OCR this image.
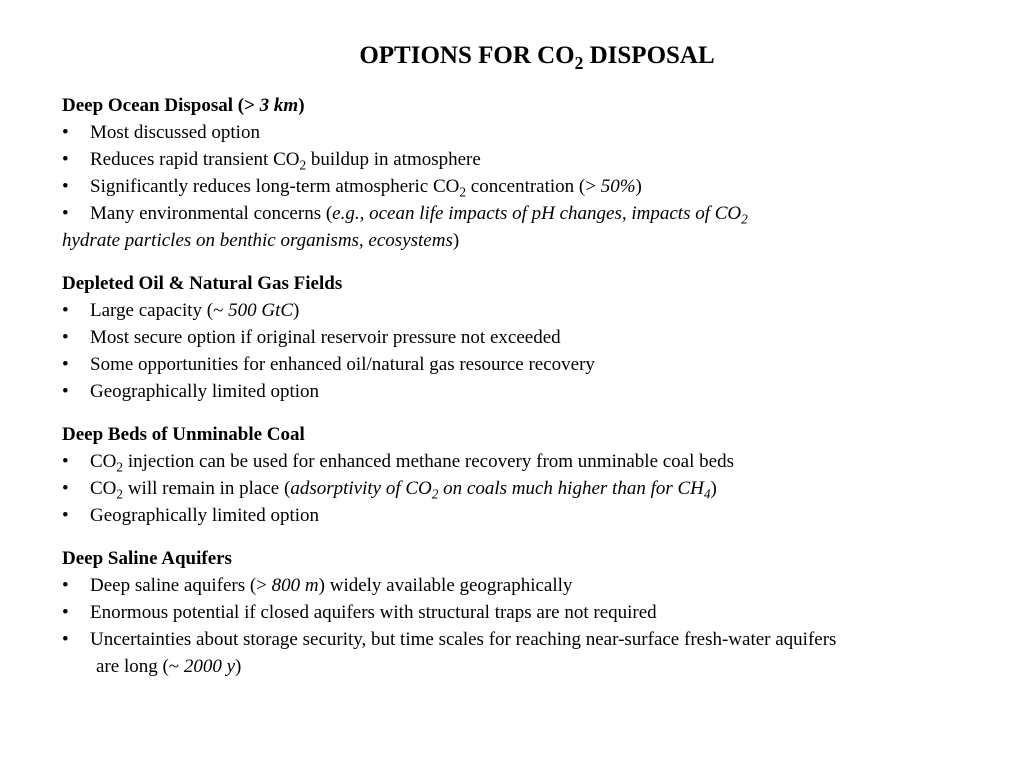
OPTIONS FOR $CO_2$ DISPOSAL
Deep Ocean Disposal (> 3 km)
•	Most discussed option
•	Reduces rapid transient $CO_2$ buildup in atmosphere
•	Significantly reduces long-term atmospheric $CO_2$ concentration (> 50%)
•	Many environmental concerns (e.g., ocean life impacts of pH changes, impacts of $CO_2$
hydrate particles on benthic organisms, ecosystems)
Depleted Oil & Natural Gas Fields
•	Large capacity (~ 500 GtC)
•	Most secure option if original reservoir pressure not exceeded
•	Some opportunities for enhanced oil/natural gas resource recovery
•	Geographically limited option
Deep Beds of Unminable Coal
•	$CO_2$ injection can be used for enhanced methane recovery from unminable coal beds
•	$CO_2$ will remain in place (adsorptivity of $CO_2$ on coals much higher than for $CH_4$)
•	Geographically limited option
Deep Saline Aquifers
•	Deep saline aquifers (> 800 m) widely available geographically
•	Enormous potential if closed aquifers with structural traps are not required
•	Uncertainties about storage security, but time scales for reaching near-surface fresh-water aquifers
are long (~ 2000 y)
